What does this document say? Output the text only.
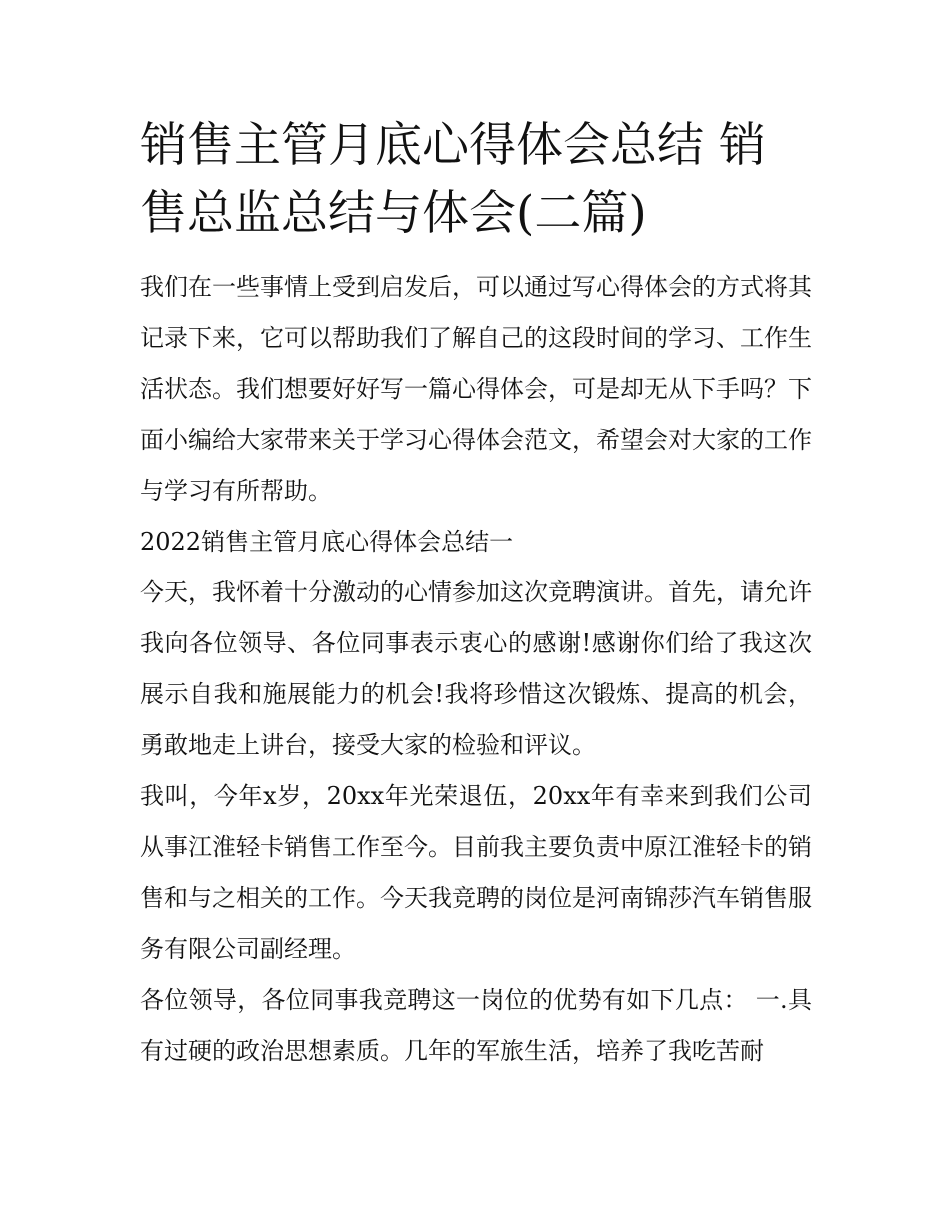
销售主管月底心得体会总结 销售总监总结与体会(二篇)

我们在一些事情上受到启发后，可以通过写心得体会的方式将其记录下来，它可以帮助我们了解自己的这段时间的学习、工作生活状态。我们想要好好写一篇心得体会，可是却无从下手吗？下面小编给大家带来关于学习心得体会范文，希望会对大家的工作与学习有所帮助。

2022销售主管月底心得体会总结一

今天，我怀着十分激动的心情参加这次竞聘演讲。首先，请允许我向各位领导、各位同事表示衷心的感谢!感谢你们给了我这次展示自我和施展能力的机会!我将珍惜这次锻炼、提高的机会，勇敢地走上讲台，接受大家的检验和评议。

我叫，今年x岁，20xx年光荣退伍，20xx年有幸来到我们公司从事江淮轻卡销售工作至今。目前我主要负责中原江淮轻卡的销售和与之相关的工作。今天我竞聘的岗位是河南锦莎汽车销售服务有限公司副经理。

各位领导，各位同事我竞聘这一岗位的优势有如下几点： 一.具有过硬的政治思想素质。几年的军旅生活，培养了我吃苦耐
